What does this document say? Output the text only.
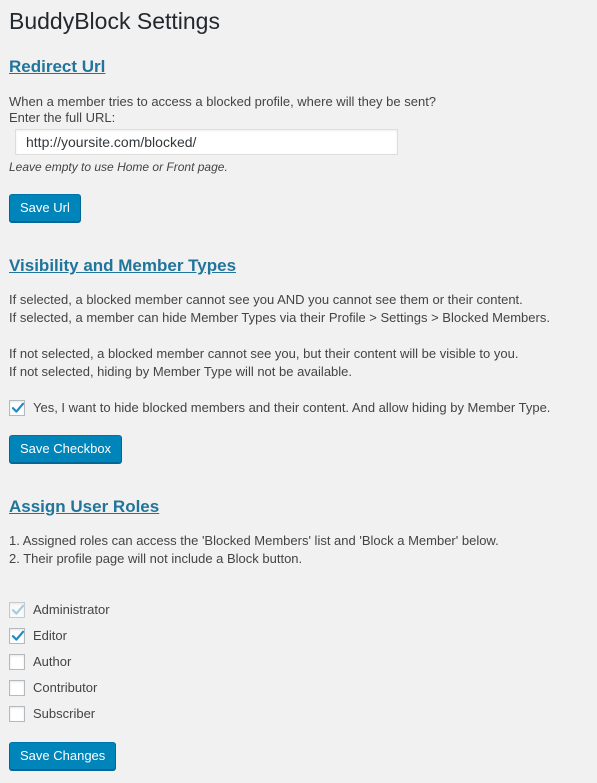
BuddyBlock Settings
Redirect Url
When a member tries to access a blocked profile, where will they be sent?
Enter the full URL:
http://yoursite.com/blocked/
Leave empty to use Home or Front page.
Save Url
Visibility and Member Types
If selected, a blocked member cannot see you AND you cannot see them or their content.
If selected, a member can hide Member Types via their Profile > Settings > Blocked Members.
If not selected, a blocked member cannot see you, but their content will be visible to you.
If not selected, hiding by Member Type will not be available.
Yes, I want to hide blocked members and their content. And allow hiding by Member Type.
Save Checkbox
Assign User Roles
1. Assigned roles can access the 'Blocked Members' list and 'Block a Member' below.
2. Their profile page will not include a Block button.
Administrator
Editor
Author
Contributor
Subscriber
Save Changes
